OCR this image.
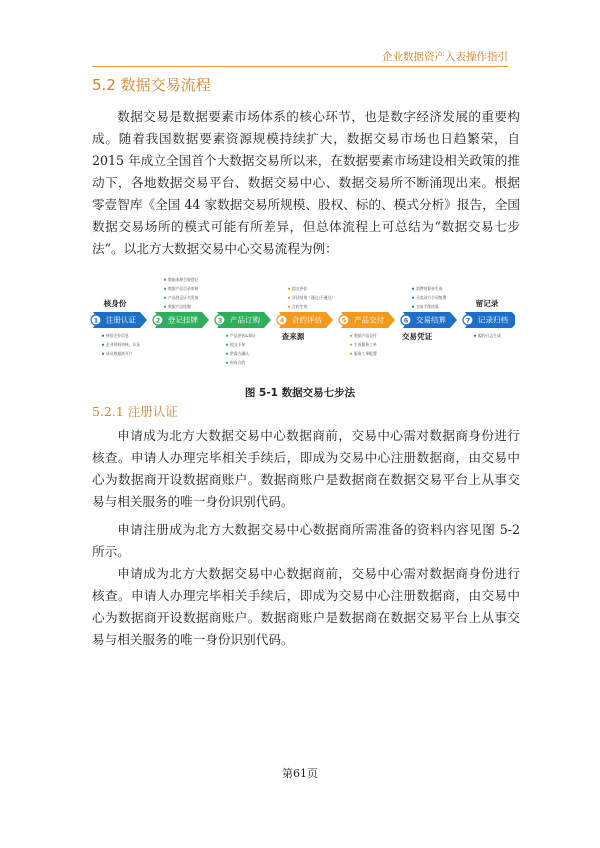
企业数据资产入表操作指引
5.2 数据交易流程

数据交易是数据要素市场体系的核心环节，也是数字经济发展的重要构成。随着我国数据要素资源规模持续扩大，数据交易市场也日趋繁荣，自 2015 年成立全国首个大数据交易所以来，在数据要素市场建设相关政策的推动下，各地数据交易平台、数据交易中心、数据交易所不断涌现出来。根据零壹智库《全国 44 家数据交易所规模、股权、标的、模式分析》报告，全国数据交易场所的模式可能有所差异，但总体流程上可总结为“数据交易七步法”。以北方大数据交易中心交易流程为例：

1 注册认证
核验企业信息
企业材料审核、认证
成员数据商开户
核身份
2 登记挂牌
数据来源合规登记
数据产品目录审核
产品登记证书发放
数据产品挂牌
3 产品订购
产品评估&询证
提交下单
供需方确认
形成合约
4 合约评估
提交评估
评估结果（通过/不通过）
合约生效
查来源
5 产品交付
数据产品交付
生成服务工单
服务工单配置
6 交易结算
消费结算单生成
买卖双方合同签署
交易手续结算
交易凭证
7 记录归档
履约日志生成
留记录
图 5-1 数据交易七步法
5.2.1 注册认证

申请成为北方大数据交易中心数据商前，交易中心需对数据商身份进行核查。申请人办理完毕相关手续后，即成为交易中心注册数据商，由交易中心为数据商开设数据商账户。数据商账户是数据商在数据交易平台上从事交易与相关服务的唯一身份识别代码。

申请注册成为北方大数据交易中心数据商所需准备的资料内容见图 5-2 所示。

申请成为北方大数据交易中心数据商前，交易中心需对数据商身份进行核查。申请人办理完毕相关手续后，即成为交易中心注册数据商，由交易中心为数据商开设数据商账户。数据商账户是数据商在数据交易平台上从事交易与相关服务的唯一身份识别代码。

第61页
